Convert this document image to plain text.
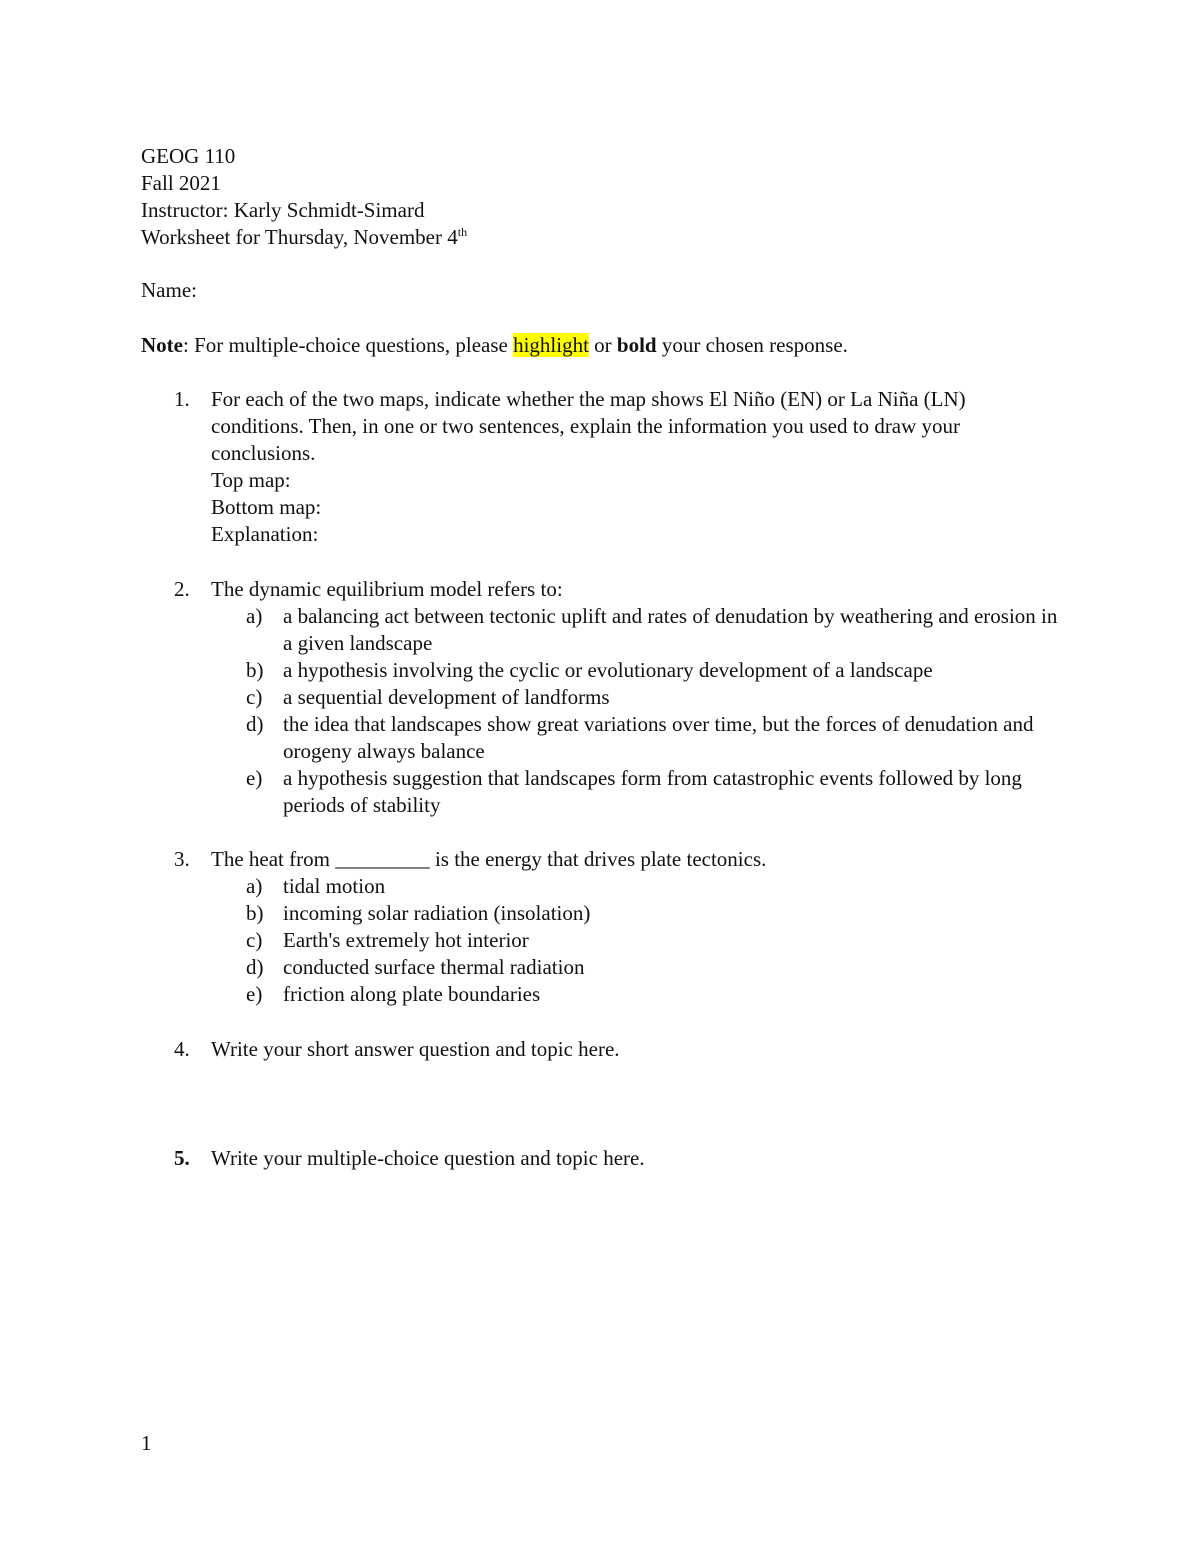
GEOG 110
Fall 2021
Instructor: Karly Schmidt-Simard
Worksheet for Thursday, November 4th
Name:
Note: For multiple-choice questions, please highlight or bold your chosen response.
1.	For each of the two maps, indicate whether the map shows El Niño (EN) or La Niña (LN)
conditions. Then, in one or two sentences, explain the information you used to draw your
conclusions.
Top map:
Bottom map:
Explanation:
2.	The dynamic equilibrium model refers to:
a) a balancing act between tectonic uplift and rates of denudation by weathering and erosion in a given landscape
b) a hypothesis involving the cyclic or evolutionary development of a landscape
c) a sequential development of landforms
d) the idea that landscapes show great variations over time, but the forces of denudation and orogeny always balance
e) a hypothesis suggestion that landscapes form from catastrophic events followed by long periods of stability
3.	The heat from _________ is the energy that drives plate tectonics.
a) tidal motion
b) incoming solar radiation (insolation)
c) Earth's extremely hot interior
d) conducted surface thermal radiation
e) friction along plate boundaries
4.	Write your short answer question and topic here.
5.	Write your multiple-choice question and topic here.
1
